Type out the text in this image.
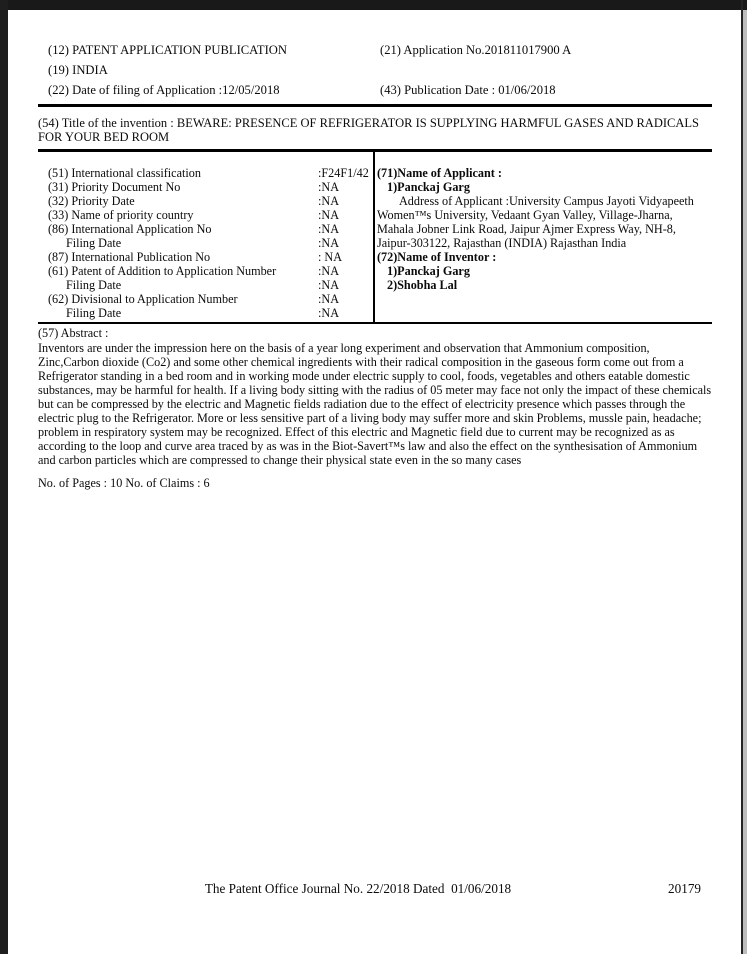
(12) PATENT APPLICATION PUBLICATION	(21) Application No.201811017900 A
(19) INDIA
(22) Date of filing of Application :12/05/2018	(43) Publication Date : 01/06/2018
(54) Title of the invention : BEWARE: PRESENCE OF REFRIGERATOR IS SUPPLYING HARMFUL GASES AND RADICALS FOR YOUR BED ROOM
(51) International classification	:F24F1/42
(31) Priority Document No	:NA
(32) Priority Date	:NA
(33) Name of priority country	:NA
(86) International Application No	:NA
Filing Date	:NA
(87) International Publication No	: NA
(61) Patent of Addition to Application Number	:NA
Filing Date	:NA
(62) Divisional to Application Number	:NA
Filing Date	:NA
(71)Name of Applicant :
1)Panckaj Garg
Address of Applicant :University Campus Jayoti Vidyapeeth
Women™s University, Vedaant Gyan Valley, Village-Jharna,
Mahala Jobner Link Road, Jaipur Ajmer Express Way, NH-8,
Jaipur-303122, Rajasthan (INDIA) Rajasthan India
(72)Name of Inventor :
1)Panckaj Garg
2)Shobha Lal
(57) Abstract :
Inventors are under the impression here on the basis of a year long experiment and observation that Ammonium composition, Zinc,Carbon dioxide (Co2) and some other chemical ingredients with their radical composition in the gaseous form come out from a Refrigerator standing in a bed room and in working mode under electric supply to cool, foods, vegetables and others eatable domestic substances, may be harmful for health. If a living body sitting with the radius of 05 meter may face not only the impact of these chemicals but can be compressed by the electric and Magnetic fields radiation due to the effect of electricity presence which passes through the electric plug to the Refrigerator. More or less sensitive part of a living body may suffer more and skin Problems, mussle pain, headache; problem in respiratory system may be recognized. Effect of this electric and Magnetic field due to current may be recognized as as according to the loop and curve area traced by as was in the Biot-Savert™s law and also the effect on the synthesisation of Ammonium and carbon particles which are compressed to change their physical state even in the so many cases
No. of Pages : 10 No. of Claims : 6
The Patent Office Journal No. 22/2018 Dated  01/06/2018	20179
